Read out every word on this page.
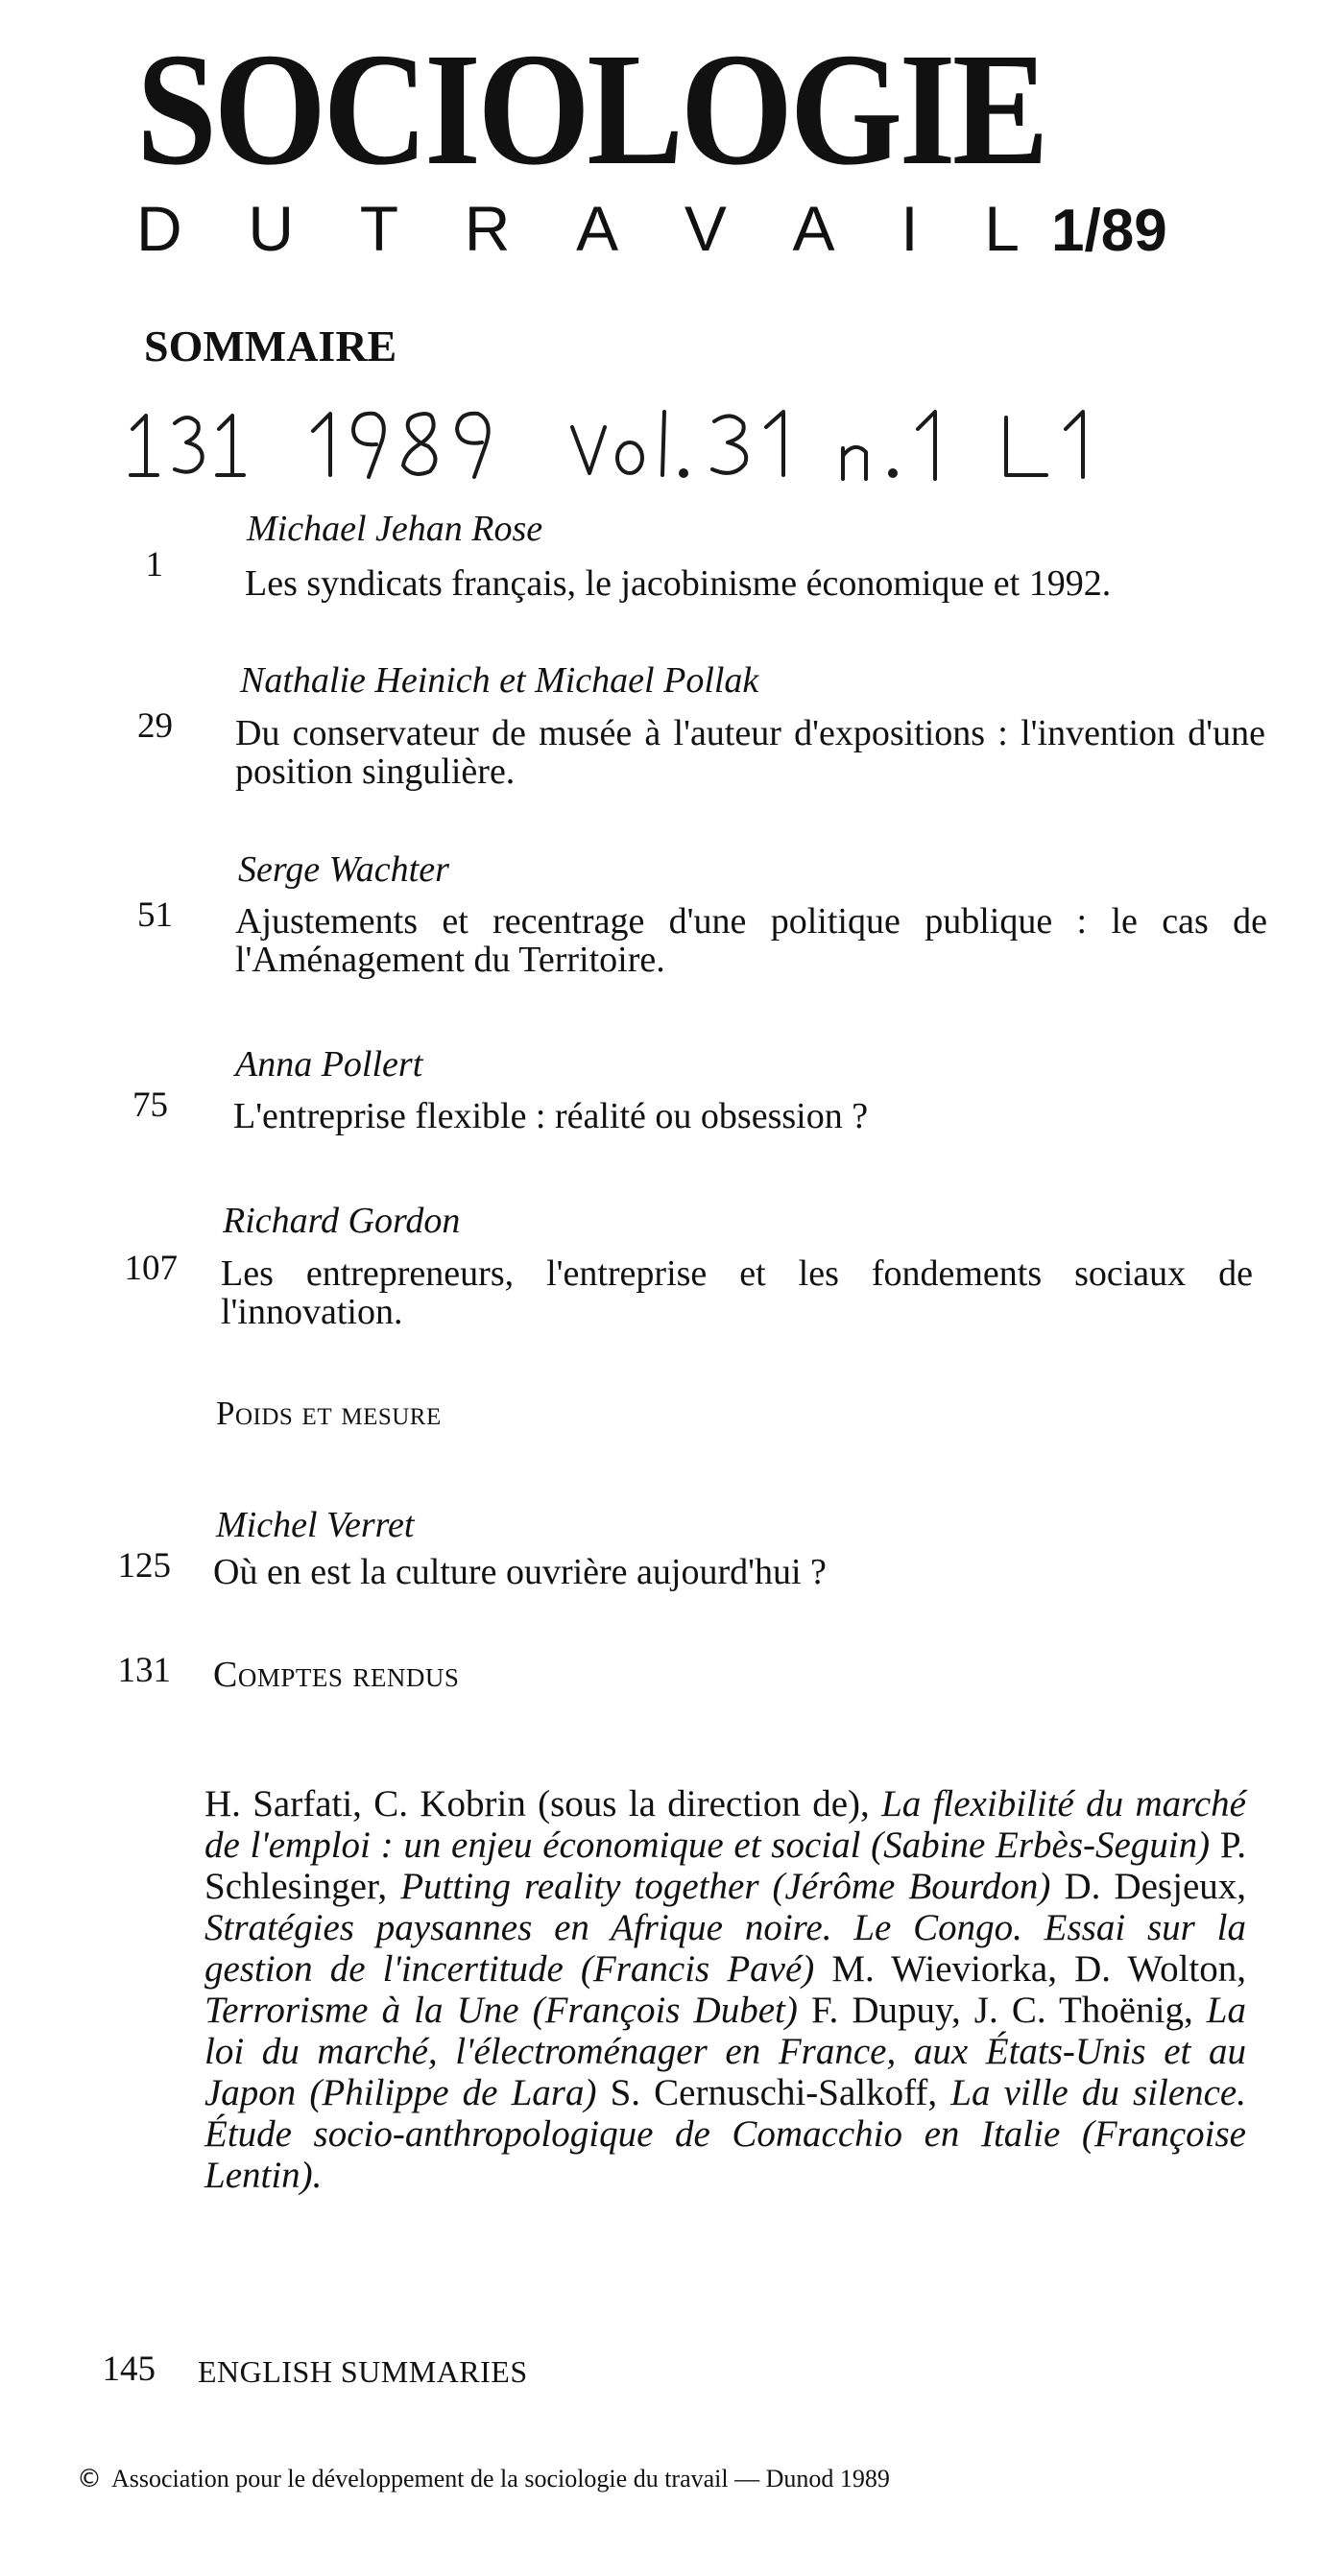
SOCIOLOGIE
D U T R A V A I L 1/89
SOMMAIRE
Michael Jehan Rose
1 Les syndicats français, le jacobinisme économique et 1992.
Nathalie Heinich et Michael Pollak
29 Du conservateur de musée à l'auteur d'expositions : l'invention d'une position singulière.
Serge Wachter
51 Ajustements et recentrage d'une politique publique : le cas de l'Aménagement du Territoire.
Anna Pollert
75 L'entreprise flexible : réalité ou obsession ?
Richard Gordon
107 Les entrepreneurs, l'entreprise et les fondements sociaux de l'innovation.
Poids et mesure
Michel Verret
125 Où en est la culture ouvrière aujourd'hui ?
131 Comptes rendus
H. Sarfati, C. Kobrin (sous la direction de), La flexibilité du marché de l'emploi : un enjeu économique et social (Sabine Erbès-Seguin) P. Schlesinger, Putting reality together (Jérôme Bourdon) D. Desjeux, Stratégies paysannes en Afrique noire. Le Congo. Essai sur la gestion de l'incertitude (Francis Pavé) M. Wieviorka, D. Wolton, Terrorisme à la Une (François Dubet) F. Dupuy, J. C. Thoënig, La loi du marché, l'électroménager en France, aux États-Unis et au Japon (Philippe de Lara) S. Cernuschi-Salkoff, La ville du silence. Étude socio-anthropologique de Comacchio en Italie (Françoise Lentin).
145 ENGLISH SUMMARIES
© Association pour le développement de la sociologie du travail — Dunod 1989
